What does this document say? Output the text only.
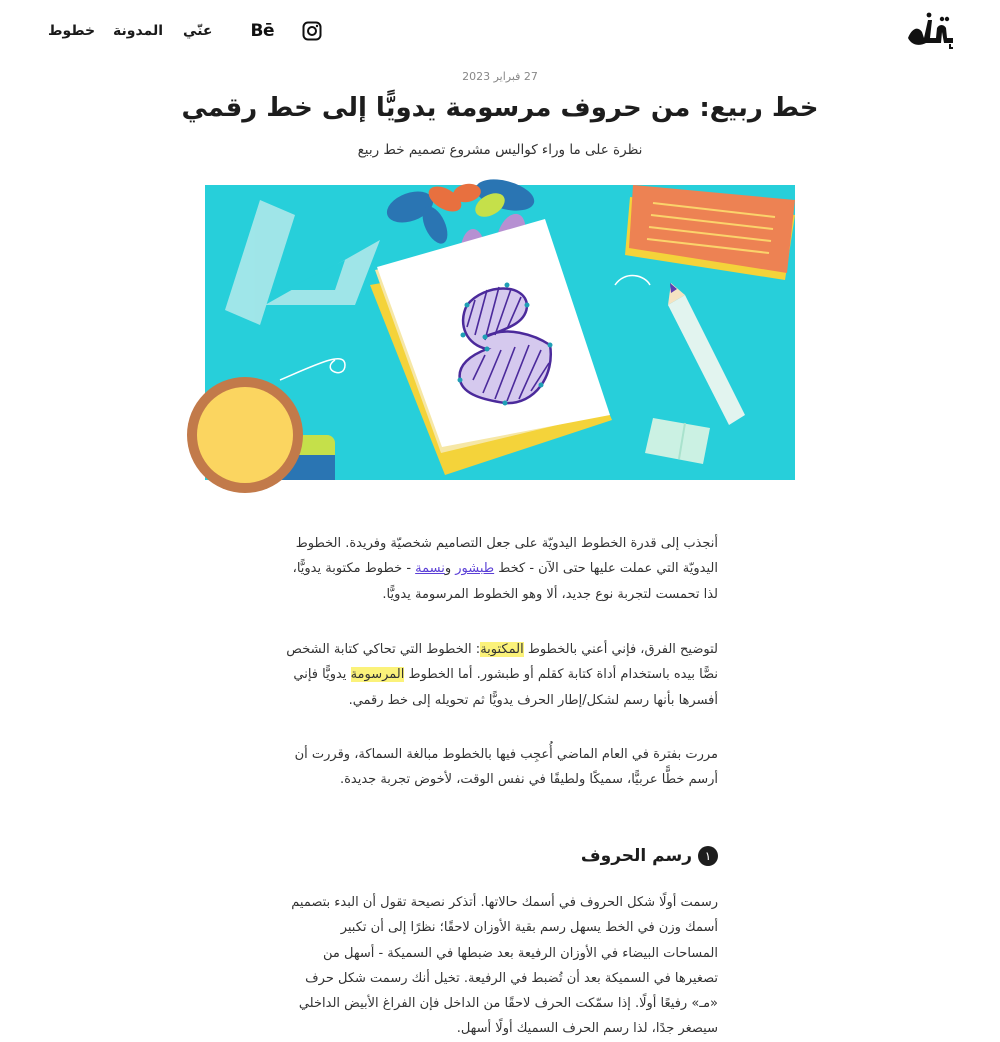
Bē
عنّي
المدونة
خطوط
27 فبراير 2023
خط ربيع: من حروف مرسومة يدويًّا إلى خط رقمي
نظرة على ما وراء كواليس مشروع تصميم خط ربيع

أنجذب إلى قدرة الخطوط اليدويّة على جعل التصاميم شخصيّة وفريدة. الخطوط اليدويّة التي عملت عليها حتى الآن - كخط طبشور ونسمة - خطوط مكتوبة يدويًّا، لذا تحمست لتجربة نوع جديد، ألا وهو الخطوط المرسومة يدويًّا.

لتوضيح الفرق، فإني أعني بالخطوط المكتوبة: الخطوط التي تحاكي كتابة الشخص نصًّا بيده باستخدام أداة كتابة كقلم أو طبشور. أما الخطوط المرسومة يدويًّا فإني أفسرها بأنها رسم لشكل/إطار الحرف يدويًّا ثم تحويله إلى خط رقمي.

مررت بفترة في العام الماضي أُعجِب فيها بالخطوط مبالغة السماكة، وقررت أن أرسم خطًّا عربيًّا، سميكًا ولطيفًا في نفس الوقت، لأخوض تجربة جديدة.

١
رسم الحروف

رسمت أولًا شكل الحروف في أسمك حالاتها. أتذكر نصيحة تقول أن البدء بتصميم أسمك وزن في الخط يسهل رسم بقية الأوزان لاحقًا؛ نظرًا إلى أن تكبير المساحات البيضاء في الأوزان الرفيعة بعد ضبطها في السميكة - أسهل من تصغيرها في السميكة بعد أن تُضبط في الرفيعة. تخيل أنك رسمت شكل حرف «مـ» رفيعًا أولًا. إذا سمّكت الحرف لاحقًا من الداخل فإن الفراغ الأبيض الداخلي سيصغر جدًا، لذا رسم الحرف السميك أولًا أسهل.
